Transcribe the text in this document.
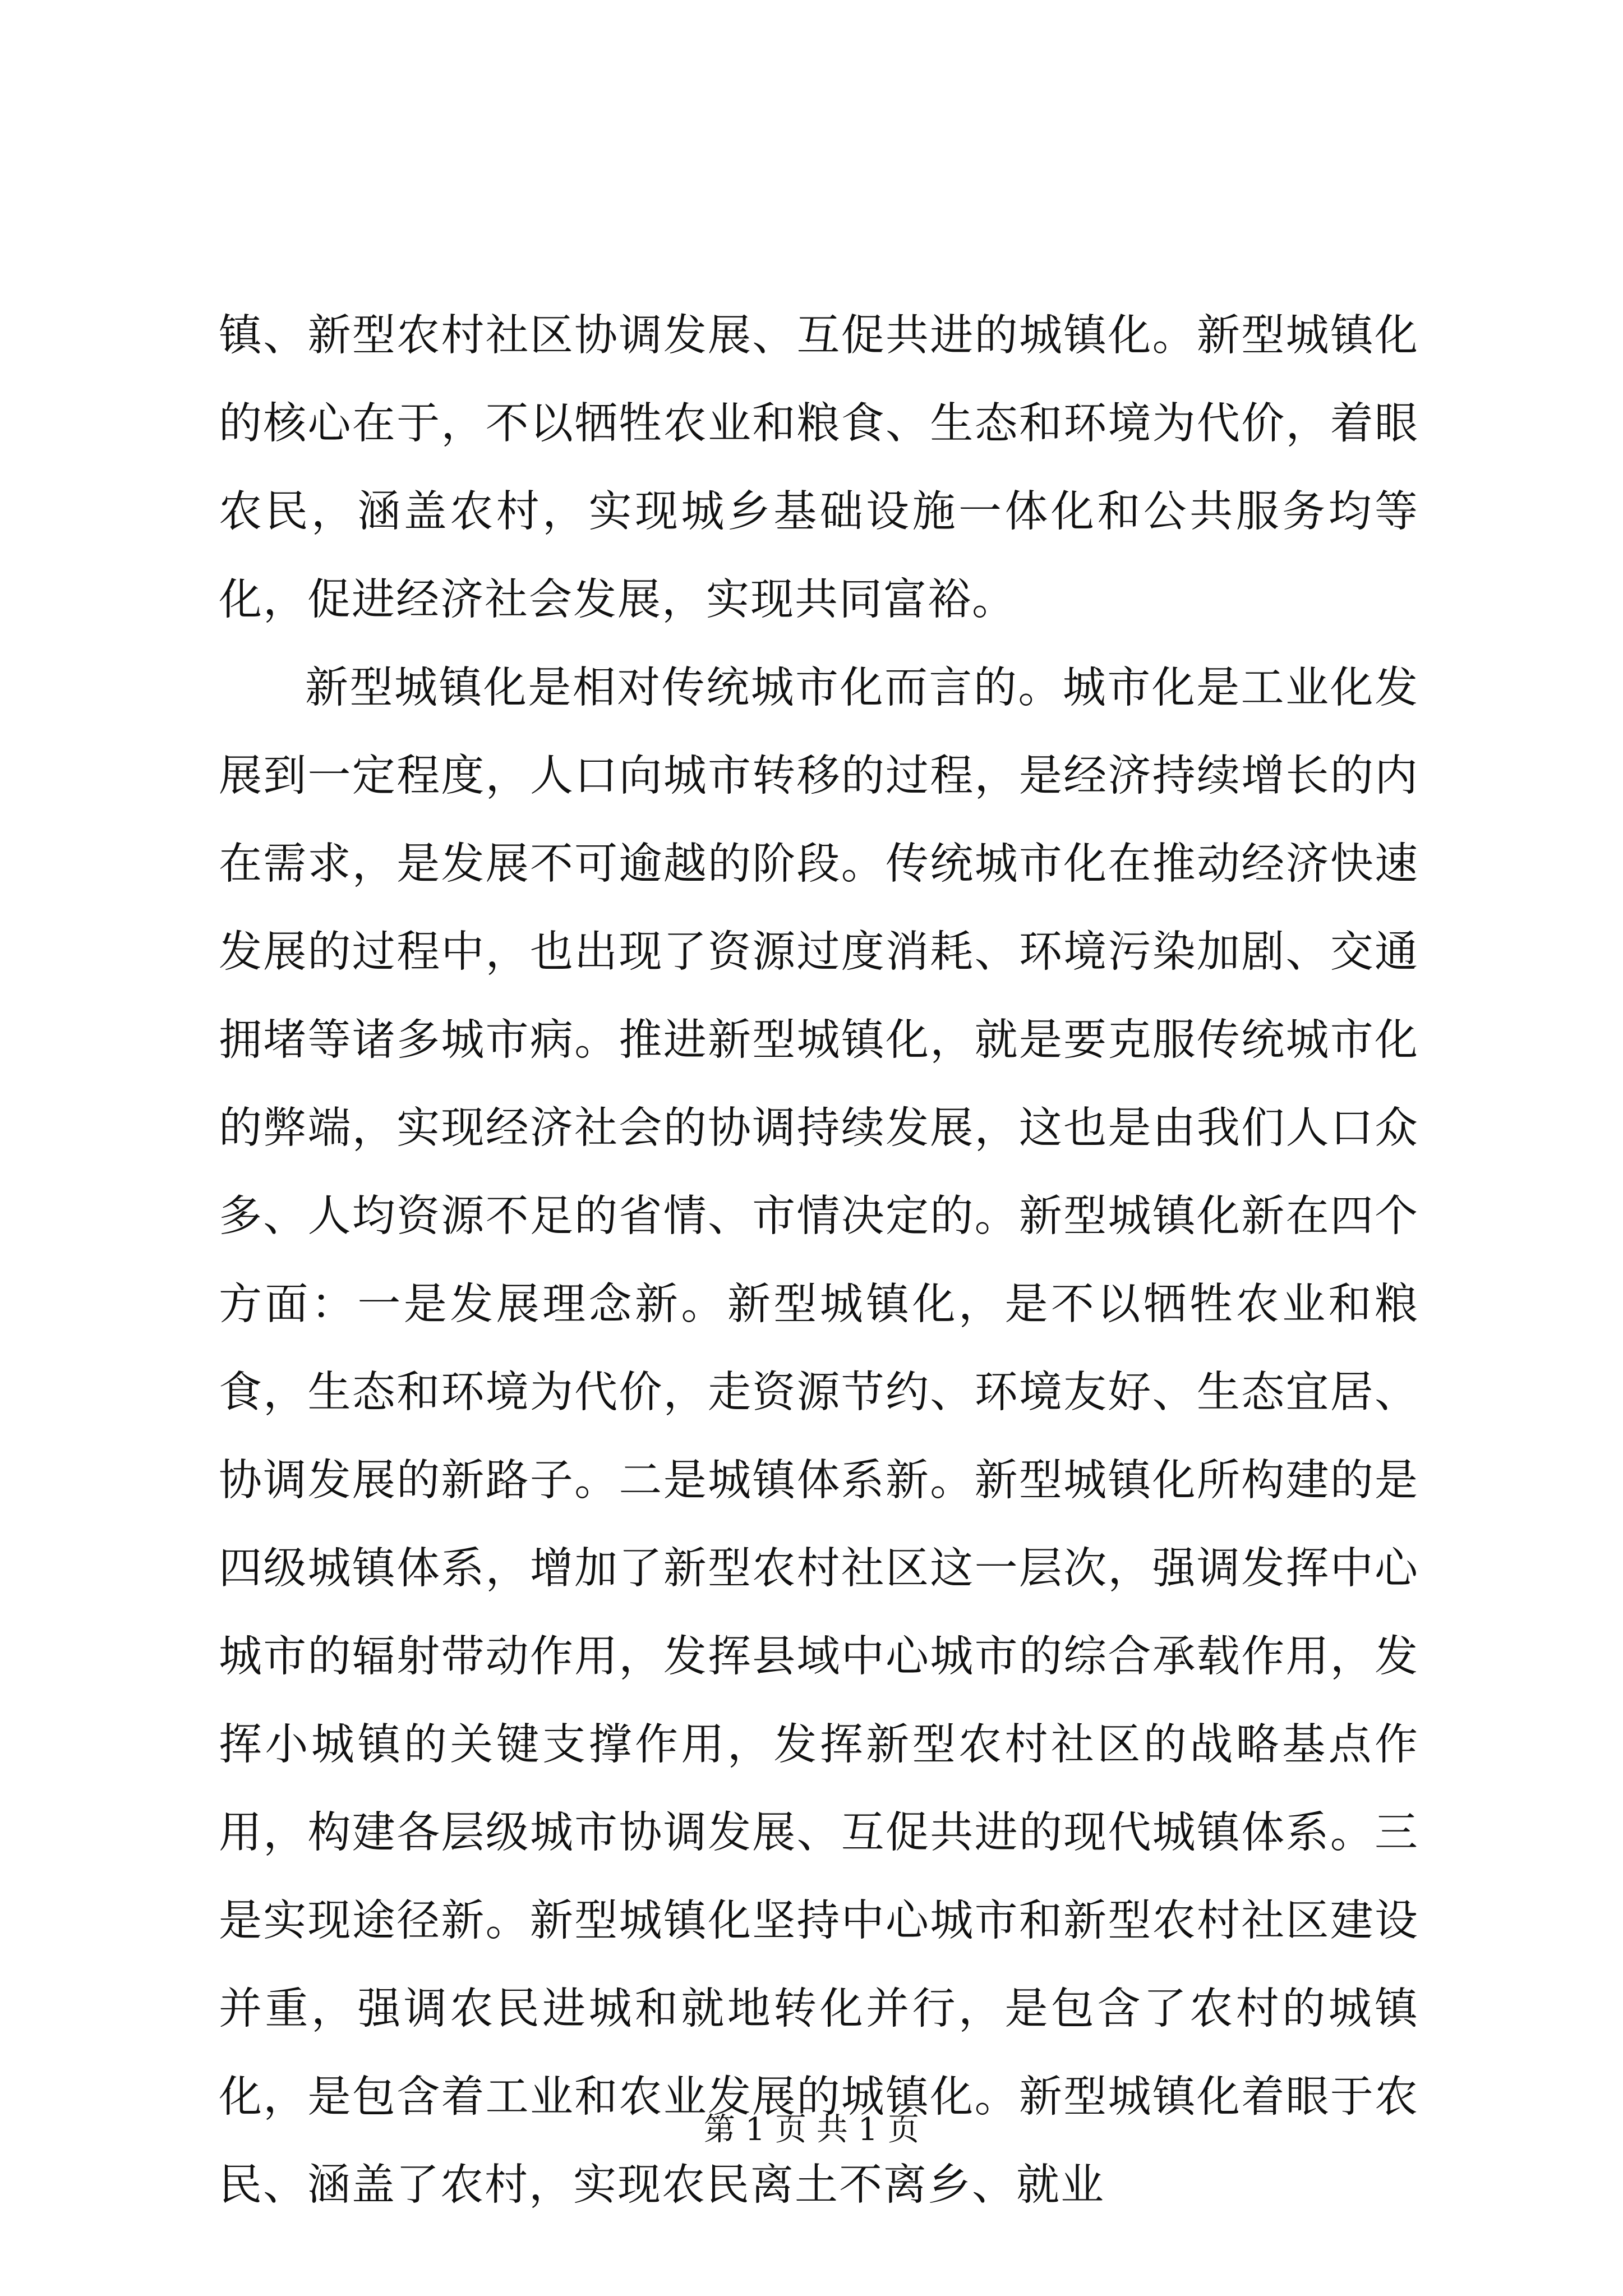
镇、新型农村社区协调发展、互促共进的城镇化。新型城镇化的核心在于，不以牺牲农业和粮食、生态和环境为代价，着眼农民，涵盖农村，实现城乡基础设施一体化和公共服务均等化，促进经济社会发展，实现共同富裕。

新型城镇化是相对传统城市化而言的。城市化是工业化发展到一定程度，人口向城市转移的过程，是经济持续增长的内在需求，是发展不可逾越的阶段。传统城市化在推动经济快速发展的过程中，也出现了资源过度消耗、环境污染加剧、交通拥堵等诸多城市病。推进新型城镇化，就是要克服传统城市化的弊端，实现经济社会的协调持续发展，这也是由我们人口众多、人均资源不足的省情、市情决定的。新型城镇化新在四个方面：一是发展理念新。新型城镇化，是不以牺牲农业和粮食，生态和环境为代价，走资源节约、环境友好、生态宜居、协调发展的新路子。二是城镇体系新。新型城镇化所构建的是四级城镇体系，增加了新型农村社区这一层次，强调发挥中心城市的辐射带动作用，发挥县域中心城市的综合承载作用，发挥小城镇的关键支撑作用，发挥新型农村社区的战略基点作用，构建各层级城市协调发展、互促共进的现代城镇体系。三是实现途径新。新型城镇化坚持中心城市和新型农村社区建设并重，强调农民进城和就地转化并行，是包含了农村的城镇化，是包含着工业和农业发展的城镇化。新型城镇化着眼于农民、涵盖了农村，实现农民离土不离乡、就业

第 1 页 共 1 页
